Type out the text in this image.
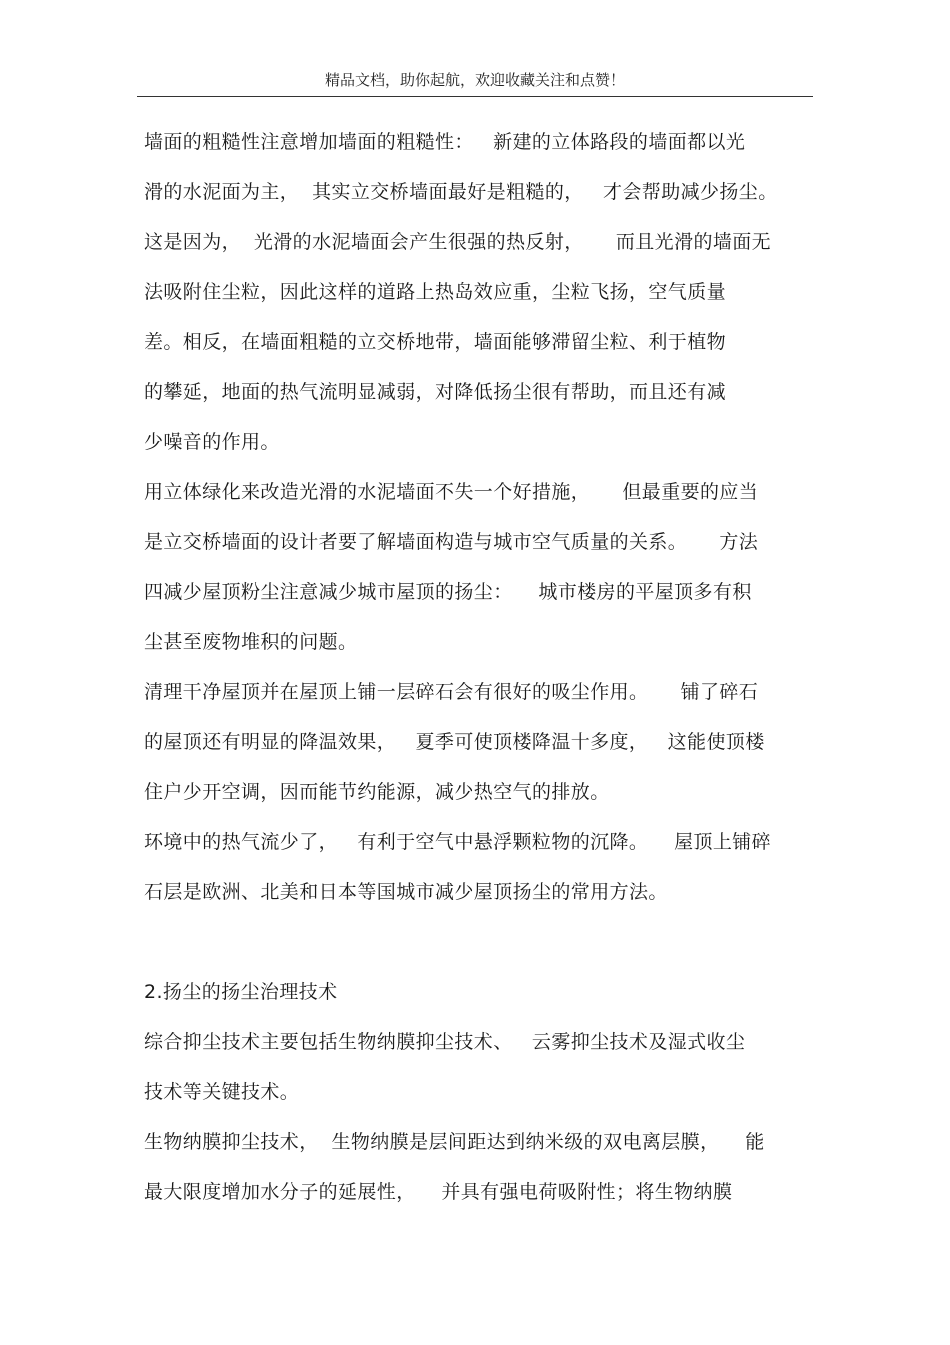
精品文档，助你起航，欢迎收藏关注和点赞！
墙面的粗糙性注意增加墙面的粗糙性：   新建的立体路段的墙面都以光
滑的水泥面为主，  其实立交桥墙面最好是粗糙的，   才会帮助减少扬尘。
这是因为，  光滑的水泥墙面会产生很强的热反射，     而且光滑的墙面无
法吸附住尘粒，因此这样的道路上热岛效应重，尘粒飞扬，空气质量
差。相反，在墙面粗糙的立交桥地带，墙面能够滞留尘粒、利于植物
的攀延，地面的热气流明显减弱，对降低扬尘很有帮助，而且还有减
少噪音的作用。
用立体绿化来改造光滑的水泥墙面不失一个好措施，     但最重要的应当
是立交桥墙面的设计者要了解墙面构造与城市空气质量的关系。     方法
四减少屋顶粉尘注意减少城市屋顶的扬尘：    城市楼房的平屋顶多有积
尘甚至废物堆积的问题。
清理干净屋顶并在屋顶上铺一层碎石会有很好的吸尘作用。     铺了碎石
的屋顶还有明显的降温效果，   夏季可使顶楼降温十多度，   这能使顶楼
住户少开空调，因而能节约能源，减少热空气的排放。
环境中的热气流少了，   有利于空气中悬浮颗粒物的沉降。    屋顶上铺碎
石层是欧洲、北美和日本等国城市减少屋顶扬尘的常用方法。
2.扬尘的扬尘治理技术
综合抑尘技术主要包括生物纳膜抑尘技术、   云雾抑尘技术及湿式收尘
技术等关键技术。
生物纳膜抑尘技术，  生物纳膜是层间距达到纳米级的双电离层膜，    能
最大限度增加水分子的延展性，    并具有强电荷吸附性；将生物纳膜
